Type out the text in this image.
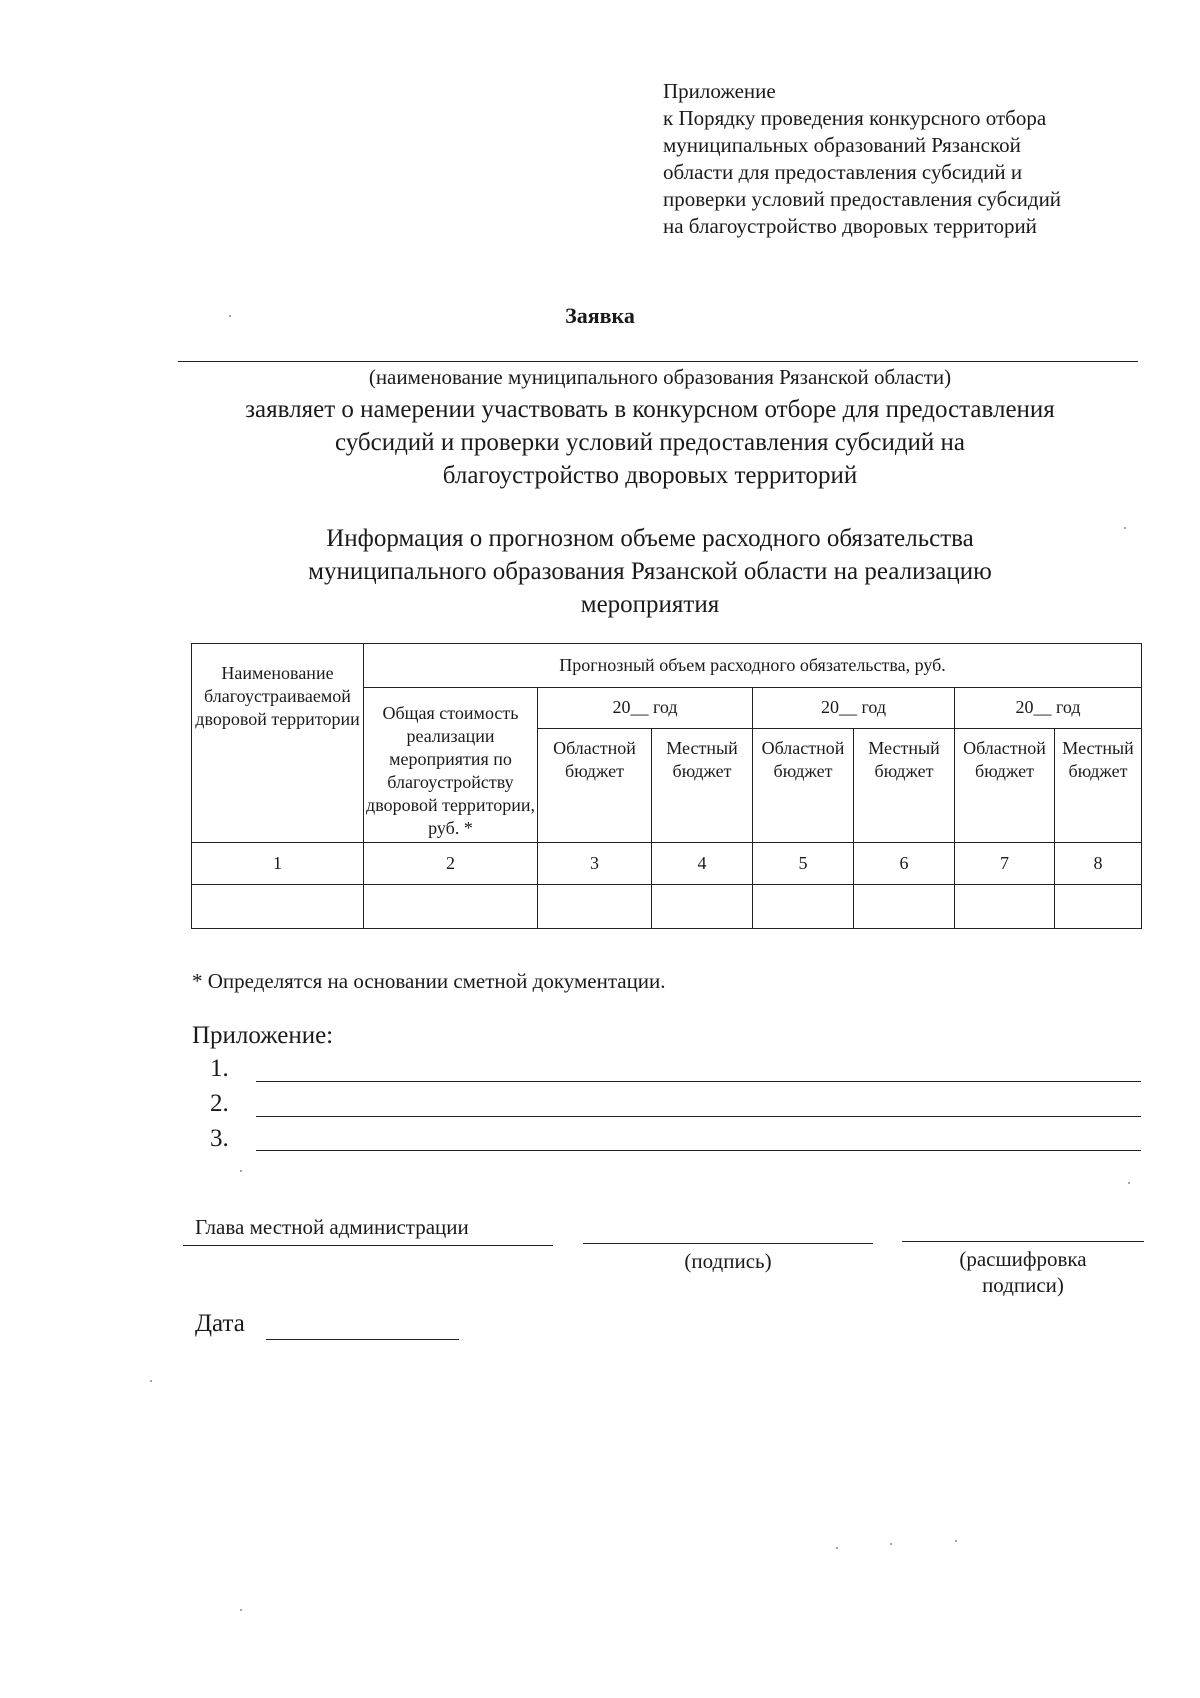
Приложение
к Порядку проведения конкурсного отбора
муниципальных образований Рязанской
области для предоставления субсидий и
проверки условий предоставления субсидий
на благоустройство дворовых территорий
Заявка
(наименование муниципального образования Рязанской области)
заявляет о намерении участвовать в конкурсном отборе для предоставления
субсидий и проверки условий предоставления субсидий на
благоустройство дворовых территорий
Информация о прогнозном объеме расходного обязательства
муниципального образования Рязанской области на реализацию
мероприятия
Наименование благоустраиваемой дворовой территории	Прогнозный объем расходного обязательства, руб.						
	Общая стоимость реализации мероприятия по благоустройству дворовой территории, руб. *	20__ год		20__ год		20__ год	
		Областной бюджет	Местный бюджет	Областной бюджет	Местный бюджет	Областной бюджет	Местный бюджет
1	2	3	4	5	6	7	8

* Определятся на основании сметной документации.
Приложение:
1.
2.
3.
Глава местной администрации
(подпись)	(расшифровка
подписи)
Дата
